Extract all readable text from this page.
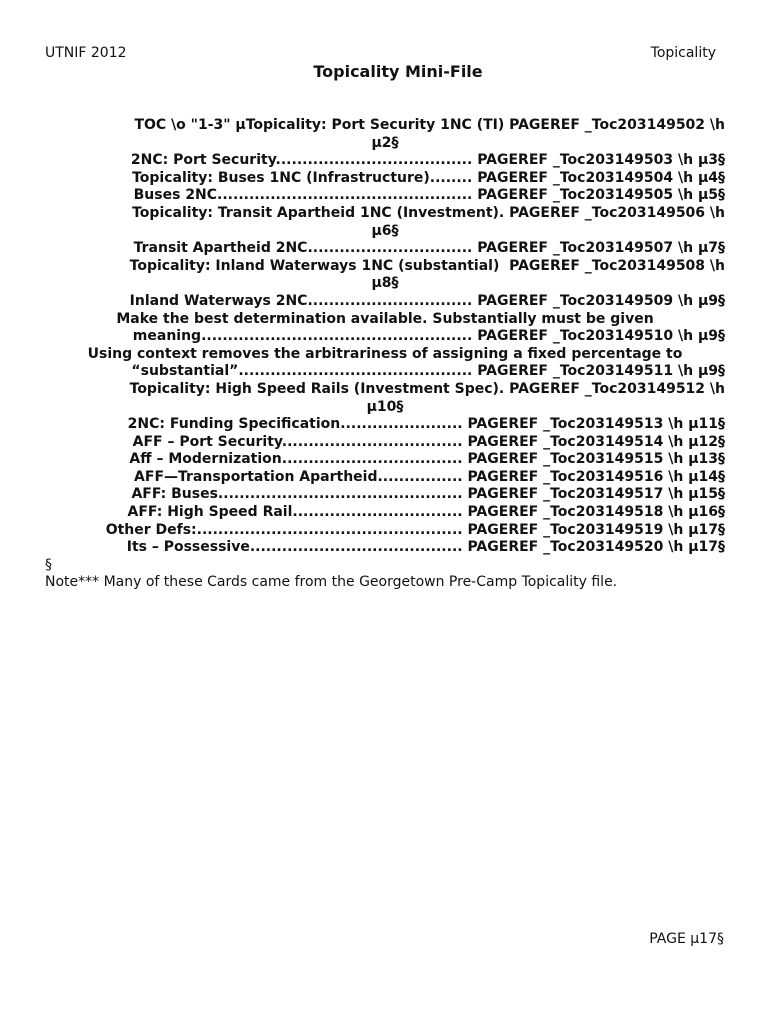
UTNIF 2012	Topicality
Topicality Mini-File
TOC \o "1-3" µTopicality: Port Security 1NC (TI) PAGEREF _Toc203149502 \h
µ2§
2NC: Port Security..................................... PAGEREF _Toc203149503 \h µ3§
Topicality: Buses 1NC (Infrastructure)........ PAGEREF _Toc203149504 \h µ4§
Buses 2NC................................................ PAGEREF _Toc203149505 \h µ5§
Topicality: Transit Apartheid 1NC (Investment). PAGEREF _Toc203149506 \h
µ6§
Transit Apartheid 2NC............................... PAGEREF _Toc203149507 \h µ7§
Topicality: Inland Waterways 1NC (substantial)  PAGEREF _Toc203149508 \h
µ8§
Inland Waterways 2NC............................... PAGEREF _Toc203149509 \h µ9§
Make the best determination available. Substantially must be given
meaning................................................... PAGEREF _Toc203149510 \h µ9§
Using context removes the arbitrariness of assigning a fixed percentage to
“substantial”............................................ PAGEREF _Toc203149511 \h µ9§
Topicality: High Speed Rails (Investment Spec). PAGEREF _Toc203149512 \h
µ10§
2NC: Funding Specification....................... PAGEREF _Toc203149513 \h µ11§
AFF – Port Security.................................. PAGEREF _Toc203149514 \h µ12§
Aff – Modernization.................................. PAGEREF _Toc203149515 \h µ13§
AFF—Transportation Apartheid................ PAGEREF _Toc203149516 \h µ14§
AFF: Buses.............................................. PAGEREF _Toc203149517 \h µ15§
AFF: High Speed Rail................................ PAGEREF _Toc203149518 \h µ16§
Other Defs:.................................................. PAGEREF _Toc203149519 \h µ17§
Its – Possessive........................................ PAGEREF _Toc203149520 \h µ17§
§
Note*** Many of these Cards came from the Georgetown Pre-Camp Topicality file.
PAGE µ17§
